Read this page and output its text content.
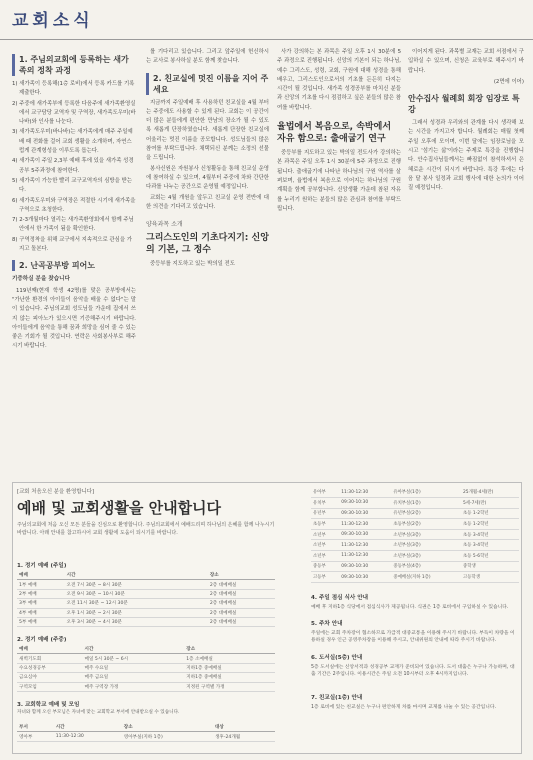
교회소식
1. 주님의교회에 등록하는 새가족의 정착 과정
1) 새가족이 등록해(1층 로비)에서 등록 카드를 기록 제출한다.
2) 주중에 새가족부에 등록한 다음주에 새가족환영실에서 교구담당 교역자 및 구역장, 새가족도우미(바나바)와 인사를 나눈다.
3) 새가족도우미(바나바)는 새가족에게 매주 주일예배 때 전화를 걸어 교회 생활을 소개하며, 자연스럽게 관계형성을 이루도록 돕는다.
4) 새가족이 주일 2,3부 예배 후에 있을 새가족 성경공부 5주과정에 참여한다.
5) 새가족이 가능한 빨리 교구교역자의 심방을 받는다.
6) 새가족도우미와 구역장은 적절한 시기에 새가족을 구역으로 초청한다.
7) 2-3개월마다 열리는 새가족환영회에서 함께 주님 안에서 한 가족이 됨을 확인한다.
8) 구역정착을 위해 교구에서 지속적으로 관심을 가지고 돌본다.
2. 난곡공부방 피어노
기증하실 분을 찾습니다
119년째(현재 학생 42명)를 맞은 공부방에서는 "가난한 환경의 아이들이 음악을 배울 수 없다"는 말이 있습니다. 주님의교회 성도님들 가운데 집에서 쓰지 않는 피아노가 있으시면 기증해주시기 바랍니다. 아이들에게 음악을 통해 꿈과 희망을 심어 줄 수 있는 좋은 기회가 될 것입니다. 연락은 사회봉사부로 해주시기 바랍니다.
를 기다리고 있습니다. 그리고 앞주일에 헌신하시는 교사로 봉사하실 분도 함께 찾습니다.
2. 친교실에 멋진 이름을 지어 주세요
지금까지 주일예배 후 사용하던 친교실을 4월 부터는 주중에도 사용할 수 있게 된다. 교회는 이 공간이 더 많은 분들에게 편안한 만남의 장소가 될 수 있도록 새롭게 단장하였습니다. 새롭게 단장한 친교실에 어울리는 멋진 이름을 공모합니다. 성도님들의 많은 참여를 부탁드립니다. 채택되신 분께는 소정의 선물을 드립니다.
봉사신원은 자원봉사 신청활동을 통해 친교실 운영에 참여하실 수 있으며, 4월부터 주중에 차와 간단한 다과를 나누는 공간으로 운영될 예정입니다.
교회는 4월 개원을 앞두고 친교실 운영 전반에 대한 의견을 기다리고 있습니다.
양육과목 소개
그리스도인의 기초다지기: 신앙의 기본, 그 정수
중등부를 지도하고 있는 박의일 전도
사가 강의하는 본 과목은 주일 오후 1시 30분에 5주 과정으로 진행됩니다. 신앙의 기본이 되는 하나님, 예수 그리스도, 성령, 교회, 구원에 대해 성경을 통해 배우고, 그리스도인으로서의 기초를 든든히 다지는 시간이 될 것입니다. 새가족 성경공부를 마치신 분들과 신앙의 기초를 다시 점검하고 싶은 분들의 많은 참여를 바랍니다.
율법에서 복음으로, 속박에서 자유 함으로: 출애굽기 연구
중등부를 지도하고 있는 박의일 전도사가 강의하는 본 과목은 주일 오후 1시 30분에 5주 과정으로 진행됩니다. 출애굽기에 나타난 하나님의 구원 역사를 살펴보며, 율법에서 복음으로 이어지는 하나님의 구원 계획을 함께 공부합니다. 신앙생활 가운데 참된 자유를 누리기 원하는 분들의 많은 관심과 참여를 부탁드립니다.
이어지게 된다. 과목별 교재는 교회 서점에서 구입하실 수 있으며, 신청은 교육부로 해주시기 바랍니다.
(2면에 이어)
안수집사 월례회 회장 임장로 특강
그래서 성경과 우리와의 관계를 다시 생각해 보는 시간을 가지고자 합니다. 월례회는 매월 첫째 주일 오후에 모이며, 이번 달에는 임장로님을 모시고 '섬기는 삶'이라는 주제로 특강을 진행합니다. 안수집사님들께서는 빠짐없이 참석하셔서 은혜로운 시간이 되시기 바랍니다. 특강 후에는 다음 달 봉사 일정과 교회 행사에 대한 논의가 이어질 예정입니다.
[교회 처음오신 분을 환영합니다]
예배 및 교회생활을 안내합니다
주님의교회에 처음 오신 모든 분들을 진심으로 환영합니다. 주님의교회에서 예배드리며 하나님의 은혜를 함께 나누시기 바랍니다. 아래 안내를 참고하시어 교회 생활에 도움이 되시기를 바랍니다.
1. 정기 예배 (주일)
예배	시간	장소
1부 예배	오전 7시 30분 ~ 8시 30분	2층 대예배실
2부 예배	오전 9시 30분 ~ 10시 30분	2층 대예배실
3부 예배	오전 11시 30분 ~ 12시 30분	2층 대예배실
4부 예배	오후 1시 30분 ~ 2시 30분	2층 대예배실
5부 예배	오후 3시 30분 ~ 4시 30분	2층 대예배실
2. 정기 예배 (주중)
예배	시간	장소
새벽기도회	매일 5시 30분 ~ 6시	1층 소예배실
수요성경공부	매주 수요일	지하1층 중예배실
금요심야	매주 금요일	지하1층 중예배실
구역모임	매주 구역장 가정	지정된 구역별 가정
3. 교회학교 예배 및 모임
자녀와 함께 오신 부모님은 자녀에 맞는 교회학교 부서에 안내받으실 수 있습니다.
부서	시간	장소	대상
영아부	11:30-12:30	영아부실(지하 1층)	생후-24개월
유아부	11:30-12:30	유아부실(1층)	25개월-4세(만)
유치부	09:30-10:30	유치부실(1층)	5세-7세(만)
유년부	09:30-10:30	유년부실(2층)	초등 1-2학년
초등부	11:30-12:30	초등부실(2층)	초등 1-2학년
소년부	09:30-10:30	소년부실(3층)	초등 3-4학년
소년부	11:30-12:30	소년부실(3층)	초등 3-4학년
소년부	11:30-12:30	소년부실(3층)	초등 5-6학년
중등부	09:30-10:30	중등부실(4층)	중학생
고등부	09:30-10:30	중예배실(지하 1층)	고등학생
4. 주일 점심 식사 안내
예배 후 지하1층 식당에서 점심식사가 제공됩니다. 식권은 1층 로비에서 구입하실 수 있습니다.
5. 주차 안내
주일에는 교회 주차장이 협소하므로 가급적 대중교통을 이용해 주시기 바랍니다. 부득이 차량을 이용하실 경우 인근 공영주차장을 이용해 주시고, 안내위원의 안내에 따라 주시기 바랍니다.
6. 도서실(5층) 안내
5층 도서실에는 신앙서적과 성경공부 교재가 준비되어 있습니다. 도서 대출은 누구나 가능하며, 대출 기간은 2주입니다. 이용시간은 주일 오전 10시부터 오후 4시까지입니다.
7. 친교실(1층) 안내
1층 로비에 있는 친교실은 누구나 편안하게 차를 마시며 교제를 나눌 수 있는 공간입니다.
